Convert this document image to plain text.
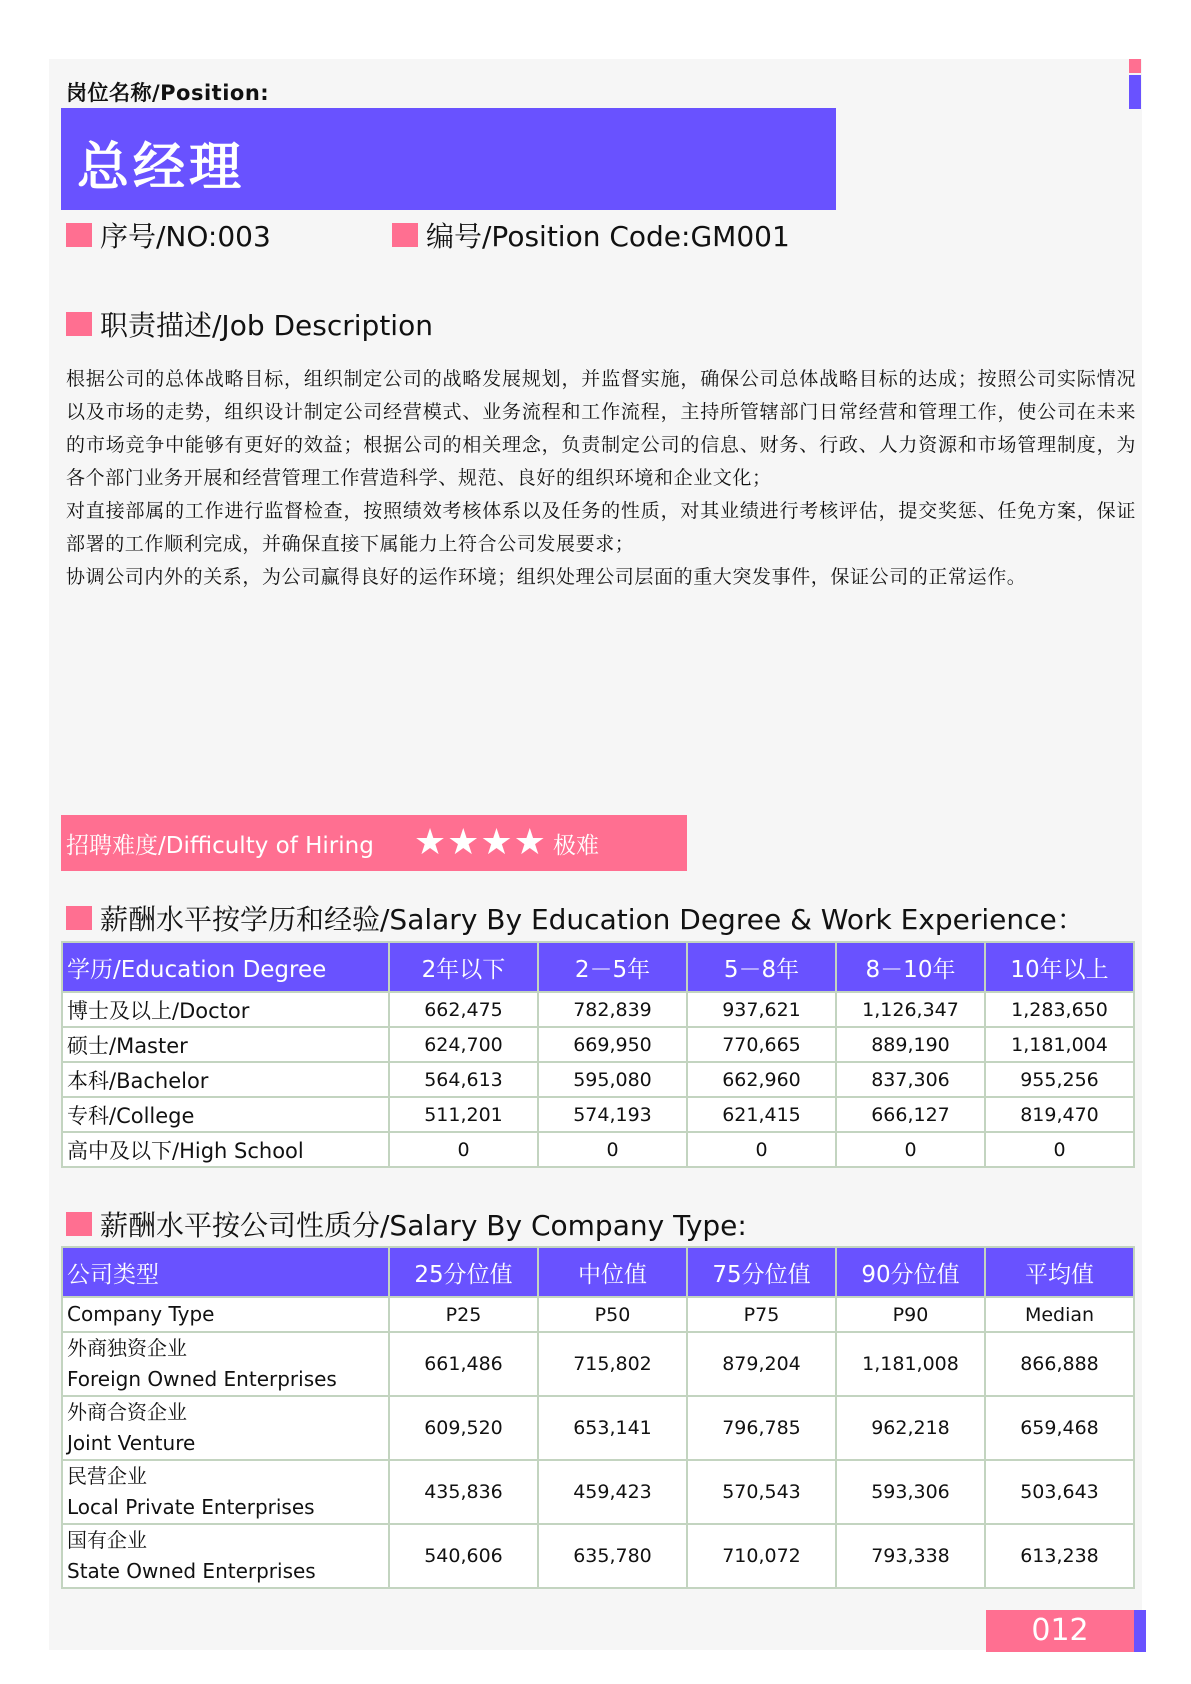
岗位名称/Position:
总经理
序号/NO:003	编号/Position Code:GM001
职责描述/Job Description

根据公司的总体战略目标，组织制定公司的战略发展规划，并监督实施，确保公司总体战略目标的达成；按照公司实际情况以及市场的走势，组织设计制定公司经营模式、业务流程和工作流程，主持所管辖部门日常经营和管理工作，使公司在未来的市场竞争中能够有更好的效益；根据公司的相关理念，负责制定公司的信息、财务、行政、人力资源和市场管理制度，为各个部门业务开展和经营管理工作营造科学、规范、良好的组织环境和企业文化；

对直接部属的工作进行监督检查，按照绩效考核体系以及任务的性质，对其业绩进行考核评估，提交奖惩、任免方案，保证部署的工作顺利完成，并确保直接下属能力上符合公司发展要求；

协调公司内外的关系，为公司赢得良好的运作环境；组织处理公司层面的重大突发事件，保证公司的正常运作。

招聘难度/Difficulty of Hiring ★ ★ ★ ★ 极难
薪酬水平按学历和经验/Salary By Education Degree & Work Experience：
学历/Education Degree	2年以下	2－5年	5－8年	8－10年	10年以上
博士及以上/Doctor	662,475	782,839	937,621	1,126,347	1,283,650
硕士/Master	624,700	669,950	770,665	889,190	1,181,004
本科/Bachelor	564,613	595,080	662,960	837,306	955,256
专科/College	511,201	574,193	621,415	666,127	819,470
高中及以下/High School	0	0	0	0	0
薪酬水平按公司性质分/Salary By Company Type:
公司类型	25分位值	中位值	75分位值	90分位值	平均值
Company Type	P25	P50	P75	P90	Median

外商独资企业
Foreign Owned Enterprises	661,486	715,802	879,204	1,181,008	866,888

外商合资企业
Joint Venture	609,520	653,141	796,785	962,218	659,468

民营企业
Local Private Enterprises	435,836	459,423	570,543	593,306	503,643

国有企业
State Owned Enterprises	540,606	635,780	710,072	793,338	613,238
012
